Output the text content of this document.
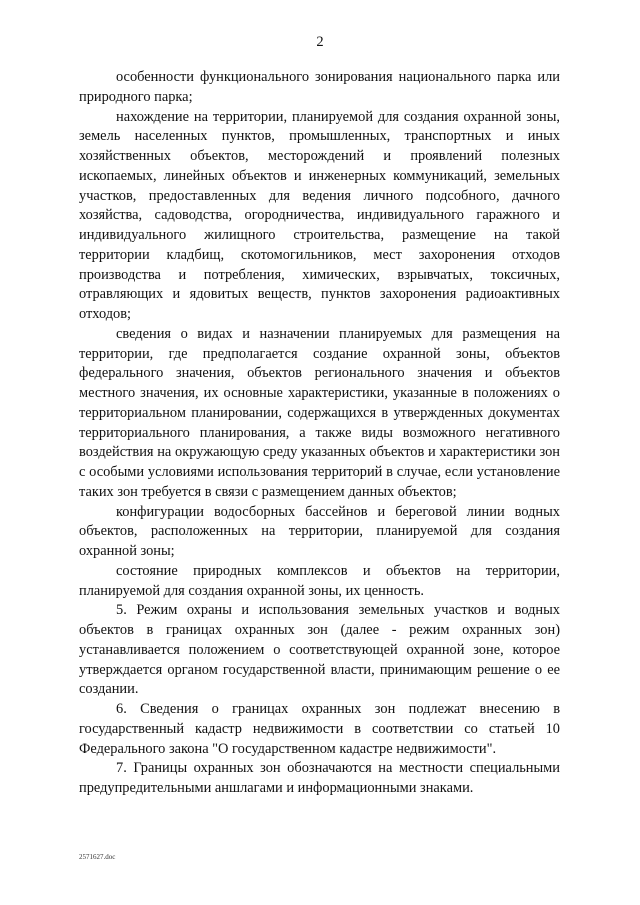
2

особенности функционального зонирования национального парка или природного парка;

нахождение на территории, планируемой для создания охранной зоны, земель населенных пунктов, промышленных, транспортных и иных хозяйственных объектов, месторождений и проявлений полезных ископаемых, линейных объектов и инженерных коммуникаций, земельных участков, предоставленных для ведения личного подсобного, дачного хозяйства, садоводства, огородничества, индивидуального гаражного и индивидуального жилищного строительства, размещение на такой территории кладбищ, скотомогильников, мест захоронения отходов производства и потребления, химических, взрывчатых, токсичных, отравляющих и ядовитых веществ, пунктов захоронения радиоактивных отходов;

сведения о видах и назначении планируемых для размещения на территории, где предполагается создание охранной зоны, объектов федерального значения, объектов регионального значения и объектов местного значения, их основные характеристики, указанные в положениях о территориальном планировании, содержащихся в утвержденных документах территориального планирования, а также виды возможного негативного воздействия на окружающую среду указанных объектов и характеристики зон с особыми условиями использования территорий в случае, если установление таких зон требуется в связи с размещением данных объектов;

конфигурации водосборных бассейнов и береговой линии водных объектов, расположенных на территории, планируемой для создания охранной зоны;

состояние природных комплексов и объектов на территории, планируемой для создания охранной зоны, их ценность.

5. Режим охраны и использования земельных участков и водных объектов в границах охранных зон (далее - режим охранных зон) устанавливается положением о соответствующей охранной зоне, которое утверждается органом государственной власти, принимающим решение о ее создании.

6. Сведения о границах охранных зон подлежат внесению в государственный кадастр недвижимости в соответствии со статьей 10 Федерального закона "О государственном кадастре недвижимости".

7. Границы охранных зон обозначаются на местности специальными предупредительными аншлагами и информационными знаками.

2571627.doc
